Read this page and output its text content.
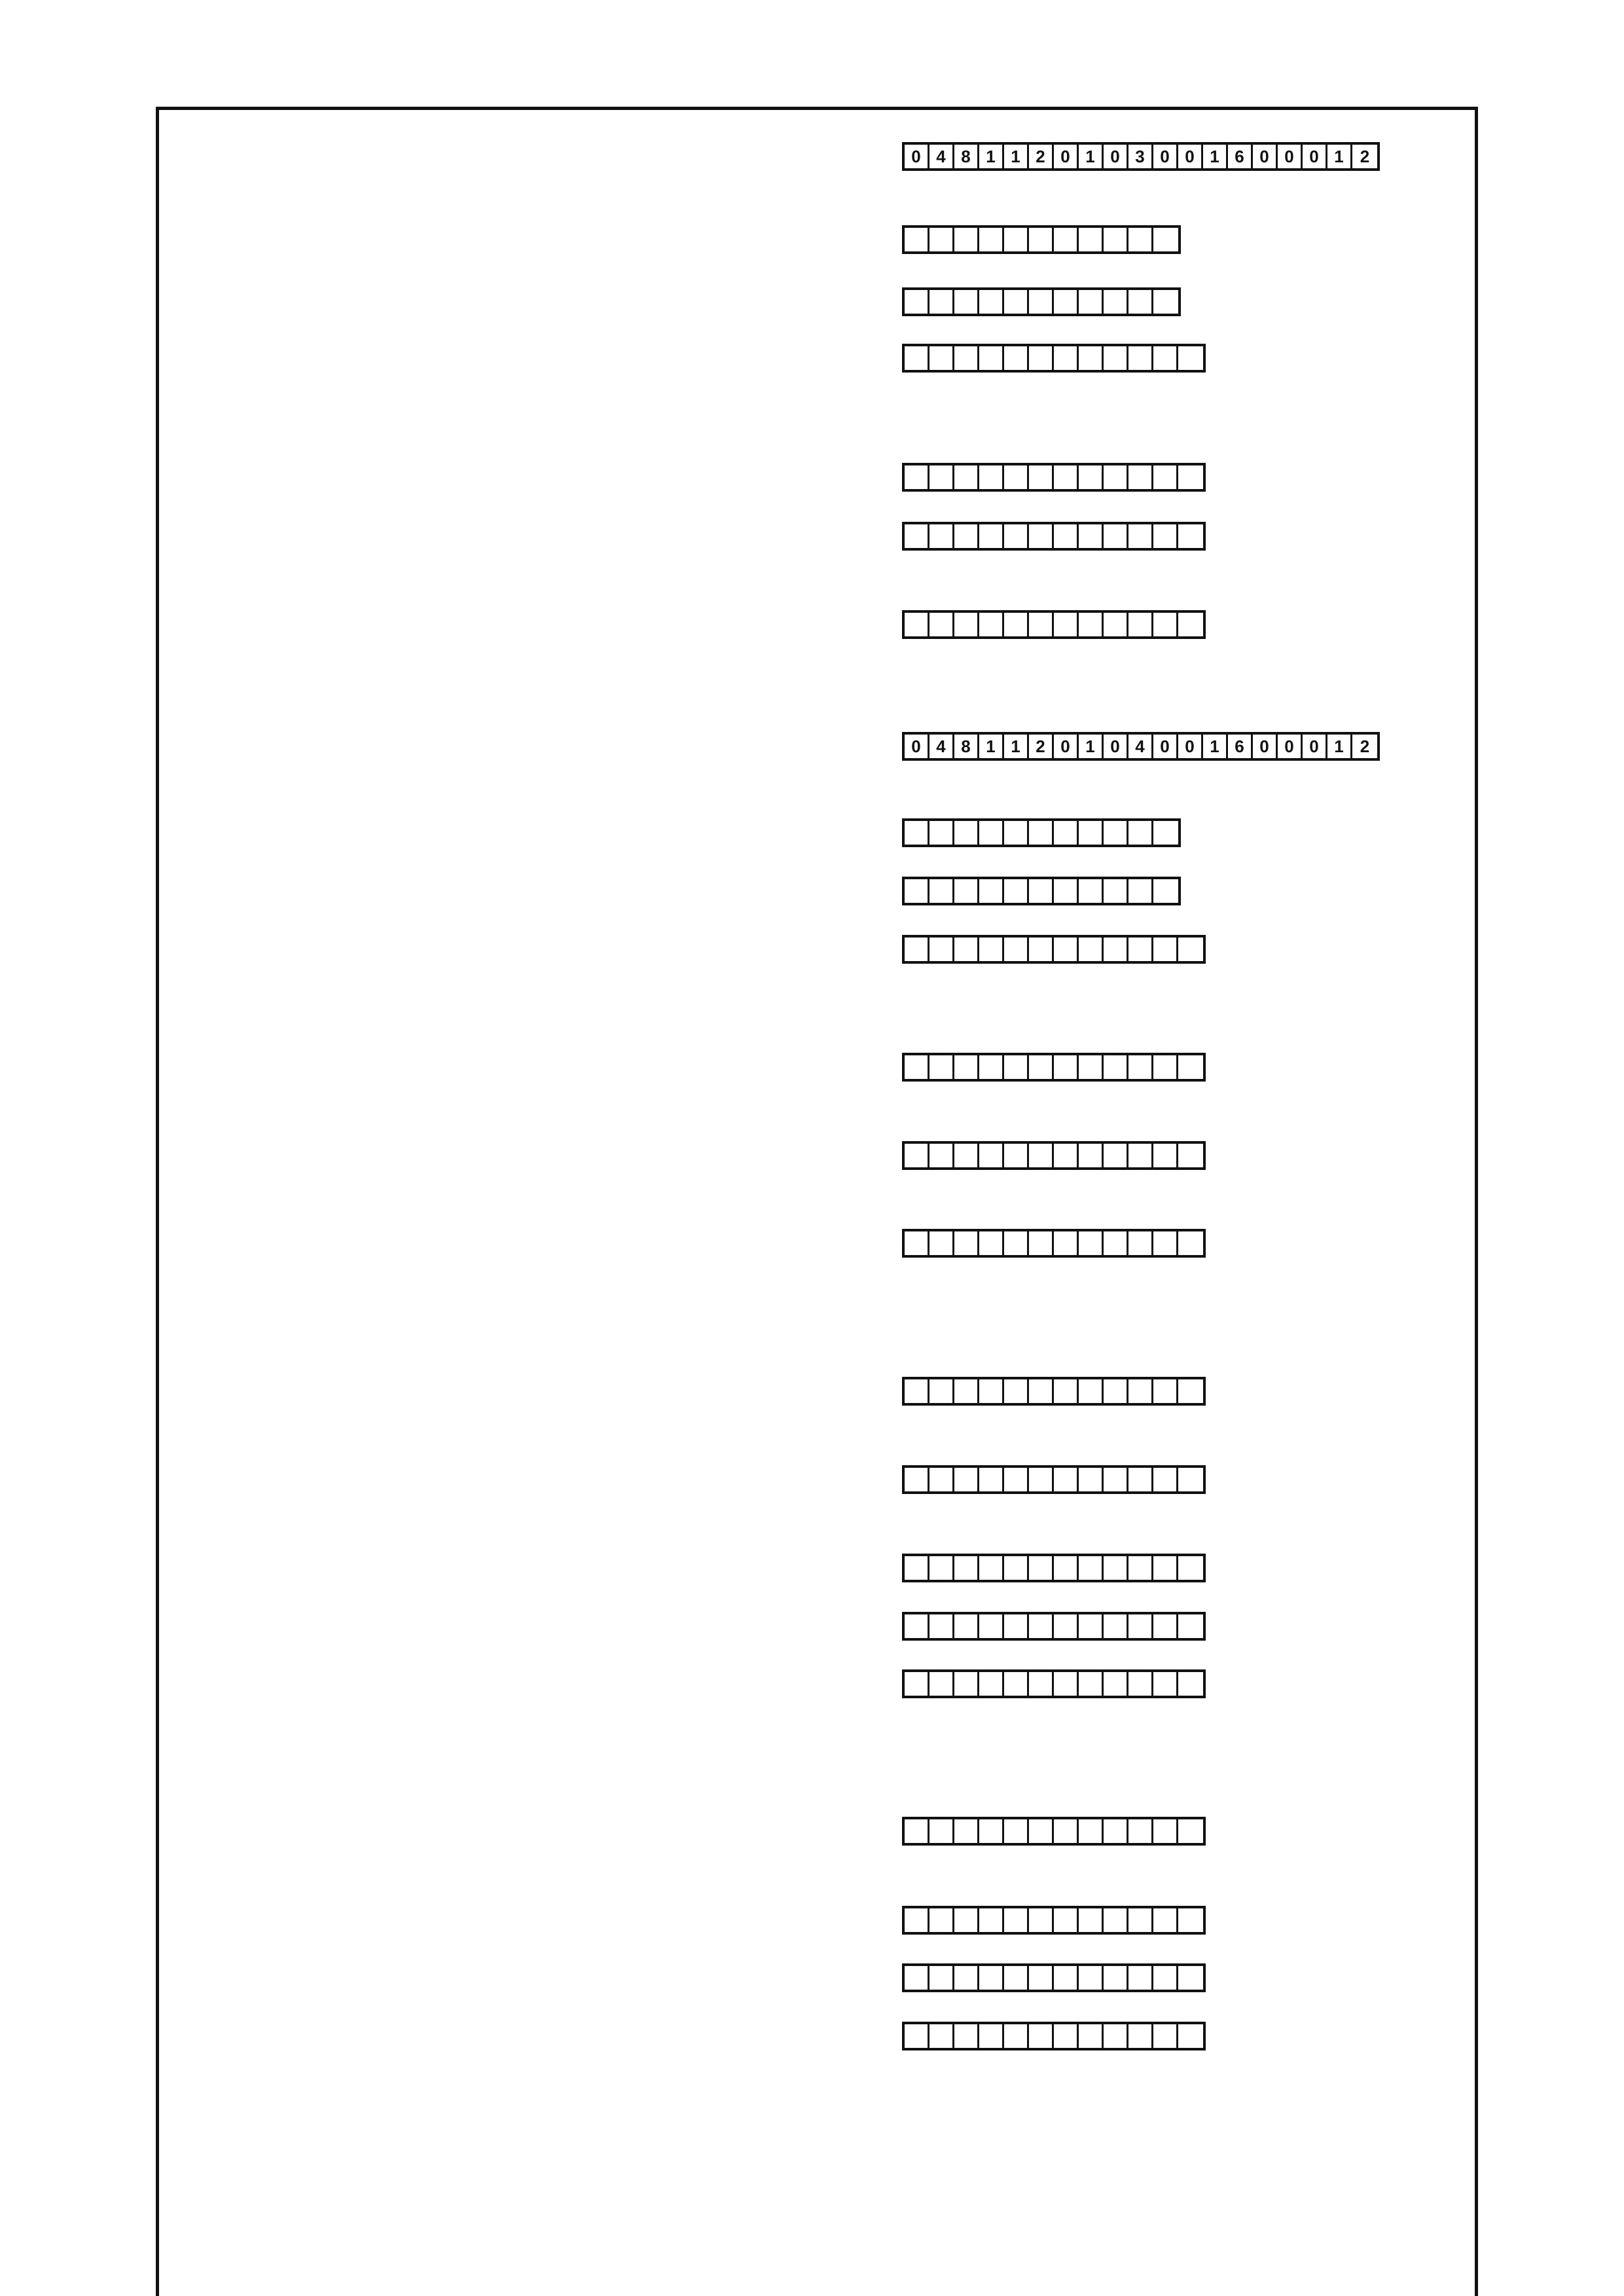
0 4 8 1 1 2 0 1 0 3 0 0 1 6 0 0 0 1 2
0 4 8 1 1 2 0 1 0 4 0 0 1 6 0 0 0 1 2
